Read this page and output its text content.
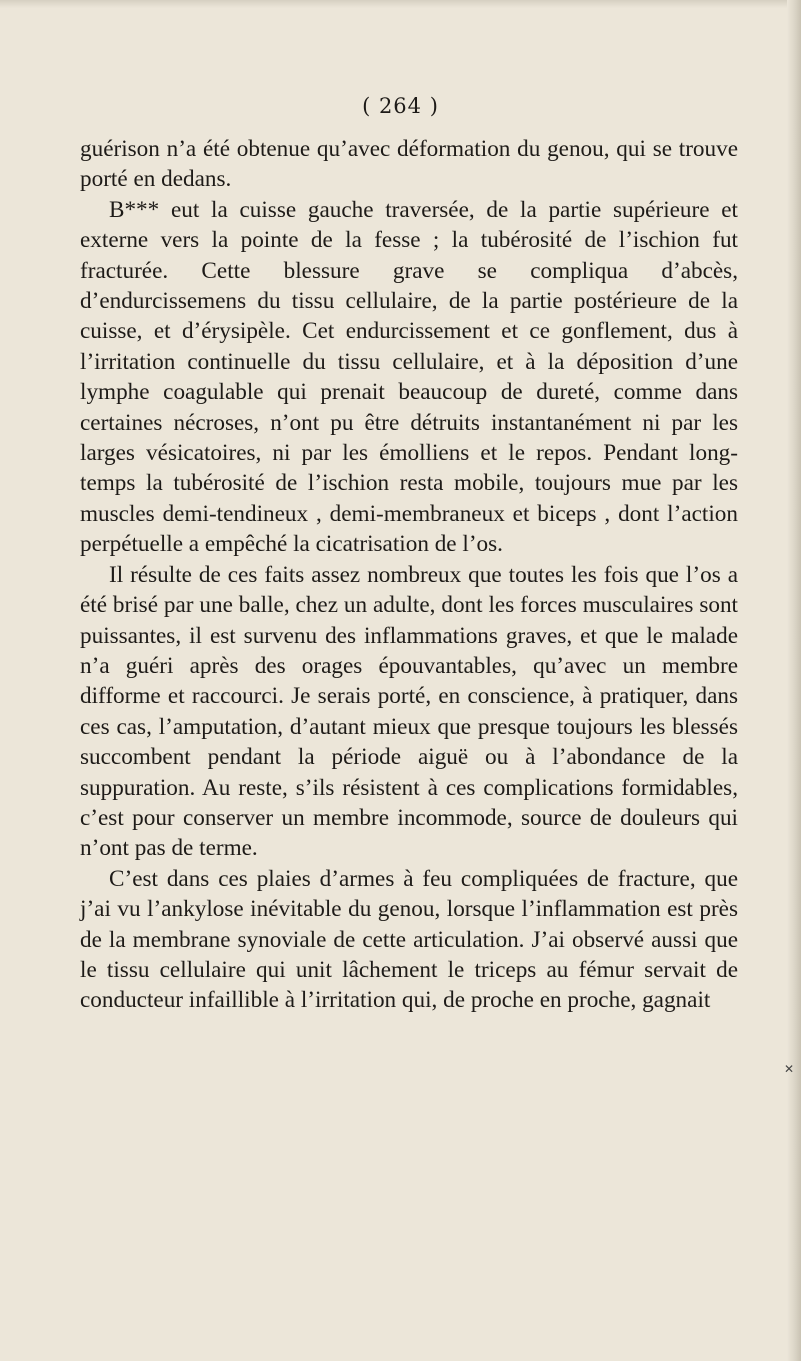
( 264 )

guérison n’a été obtenue qu’avec déformation du genou, qui se trouve porté en dedans.

B*** eut la cuisse gauche traversée, de la partie supérieure et externe vers la pointe de la fesse ; la tubérosité de l’ischion fut fracturée. Cette blessure grave se compliqua d’abcès, d’endurcissemens du tissu cellulaire, de la partie postérieure de la cuisse, et d’érysipèle. Cet endurcissement et ce gonflement, dus à l’irritation continuelle du tissu cellulaire, et à la déposition d’une lymphe coagulable qui prenait beaucoup de dureté, comme dans certaines nécroses, n’ont pu être détruits instantanément ni par les larges vésicatoires, ni par les émolliens et le repos. Pendant long-temps la tubérosité de l’ischion resta mobile, toujours mue par les muscles demi-tendineux , demi-membraneux et biceps , dont l’action perpétuelle a empêché la cicatrisation de l’os.

Il résulte de ces faits assez nombreux que toutes les fois que l’os a été brisé par une balle, chez un adulte, dont les forces musculaires sont puissantes, il est survenu des inflammations graves, et que le malade n’a guéri après des orages épouvantables, qu’avec un membre difforme et raccourci. Je serais porté, en conscience, à pratiquer, dans ces cas, l’amputation, d’autant mieux que presque toujours les blessés succombent pendant la période aiguë ou à l’abondance de la suppuration. Au reste, s’ils résistent à ces complications formidables, c’est pour conserver un membre incommode, source de douleurs qui n’ont pas de terme.

C’est dans ces plaies d’armes à feu compliquées de fracture, que j’ai vu l’ankylose inévitable du genou, lorsque l’inflammation est près de la membrane synoviale de cette articulation. J’ai observé aussi que le tissu cellulaire qui unit lâchement le triceps au fémur servait de conducteur infaillible à l’irritation qui, de proche en proche, gagnait

✕
